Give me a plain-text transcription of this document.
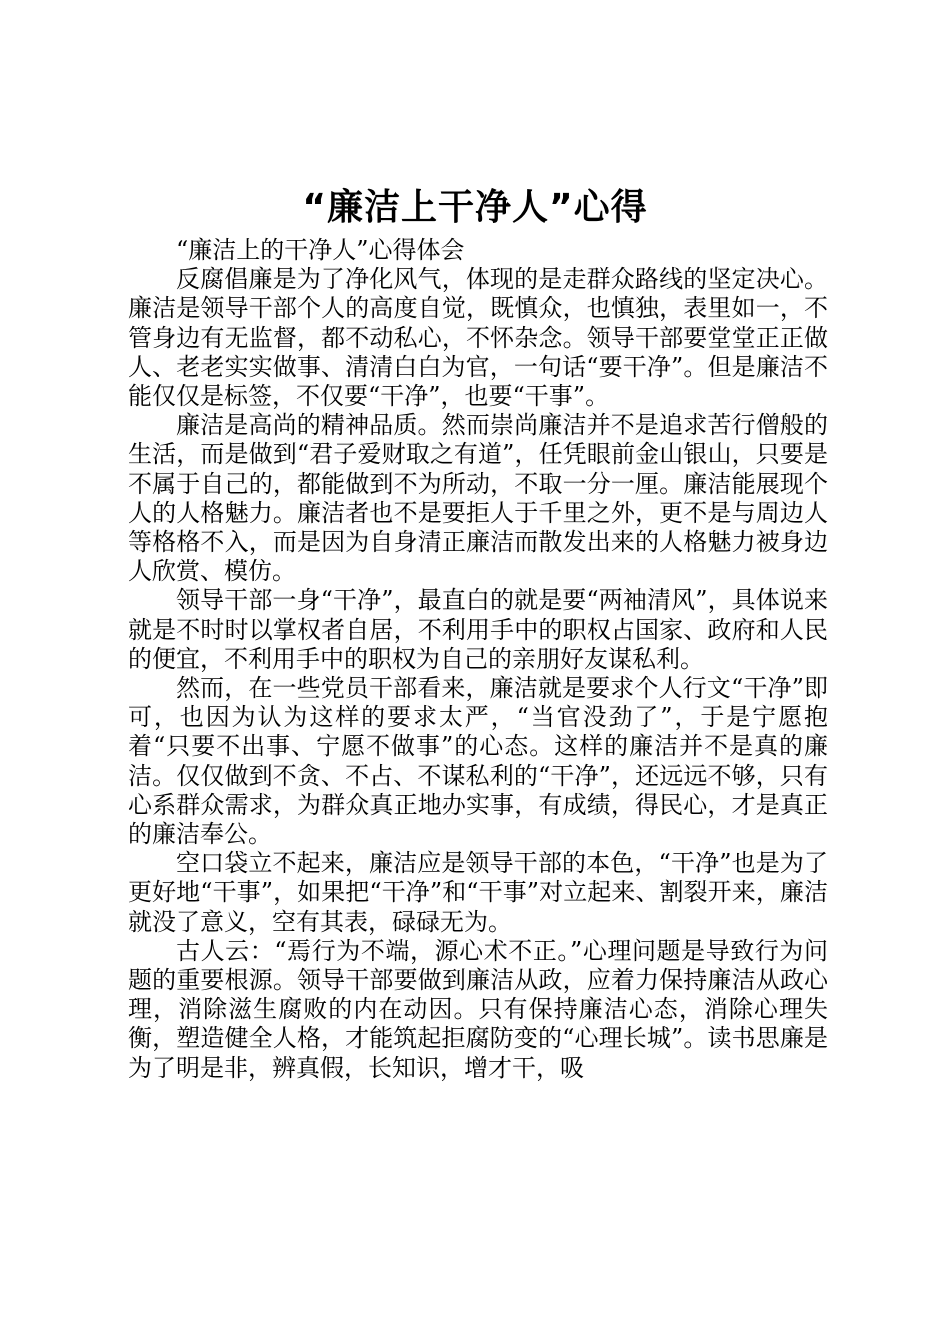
“廉洁上干净人”心得

“廉洁上的干净人”心得体会

反腐倡廉是为了净化风气，体现的是走群众路线的坚定决心。廉洁是领导干部个人的高度自觉，既慎众，也慎独，表里如一，不管身边有无监督，都不动私心，不怀杂念。领导干部要堂堂正正做人、老老实实做事、清清白白为官，一句话“要干净”。但是廉洁不能仅仅是标签，不仅要“干净”，也要“干事”。

廉洁是高尚的精神品质。然而崇尚廉洁并不是追求苦行僧般的生活，而是做到“君子爱财取之有道”，任凭眼前金山银山，只要是不属于自己的，都能做到不为所动，不取一分一厘。廉洁能展现个人的人格魅力。廉洁者也不是要拒人于千里之外，更不是与周边人等格格不入，而是因为自身清正廉洁而散发出来的人格魅力被身边人欣赏、模仿。

领导干部一身“干净”，最直白的就是要“两袖清风”，具体说来就是不时时以掌权者自居，不利用手中的职权占国家、政府和人民的便宜，不利用手中的职权为自己的亲朋好友谋私利。

然而，在一些党员干部看来，廉洁就是要求个人行文“干净”即可，也因为认为这样的要求太严，“当官没劲了”，于是宁愿抱着“只要不出事、宁愿不做事”的心态。这样的廉洁并不是真的廉洁。仅仅做到不贪、不占、不谋私利的“干净”，还远远不够，只有心系群众需求，为群众真正地办实事，有成绩，得民心，才是真正的廉洁奉公。

空口袋立不起来，廉洁应是领导干部的本色，“干净”也是为了更好地“干事”，如果把“干净”和“干事”对立起来、割裂开来，廉洁就没了意义，空有其表，碌碌无为。

古人云：“焉行为不端，源心术不正。”心理问题是导致行为问题的重要根源。领导干部要做到廉洁从政，应着力保持廉洁从政心理，消除滋生腐败的内在动因。只有保持廉洁心态，消除心理失衡，塑造健全人格，才能筑起拒腐防变的“心理长城”。读书思廉是为了明是非，辨真假，长知识，增才干，吸
